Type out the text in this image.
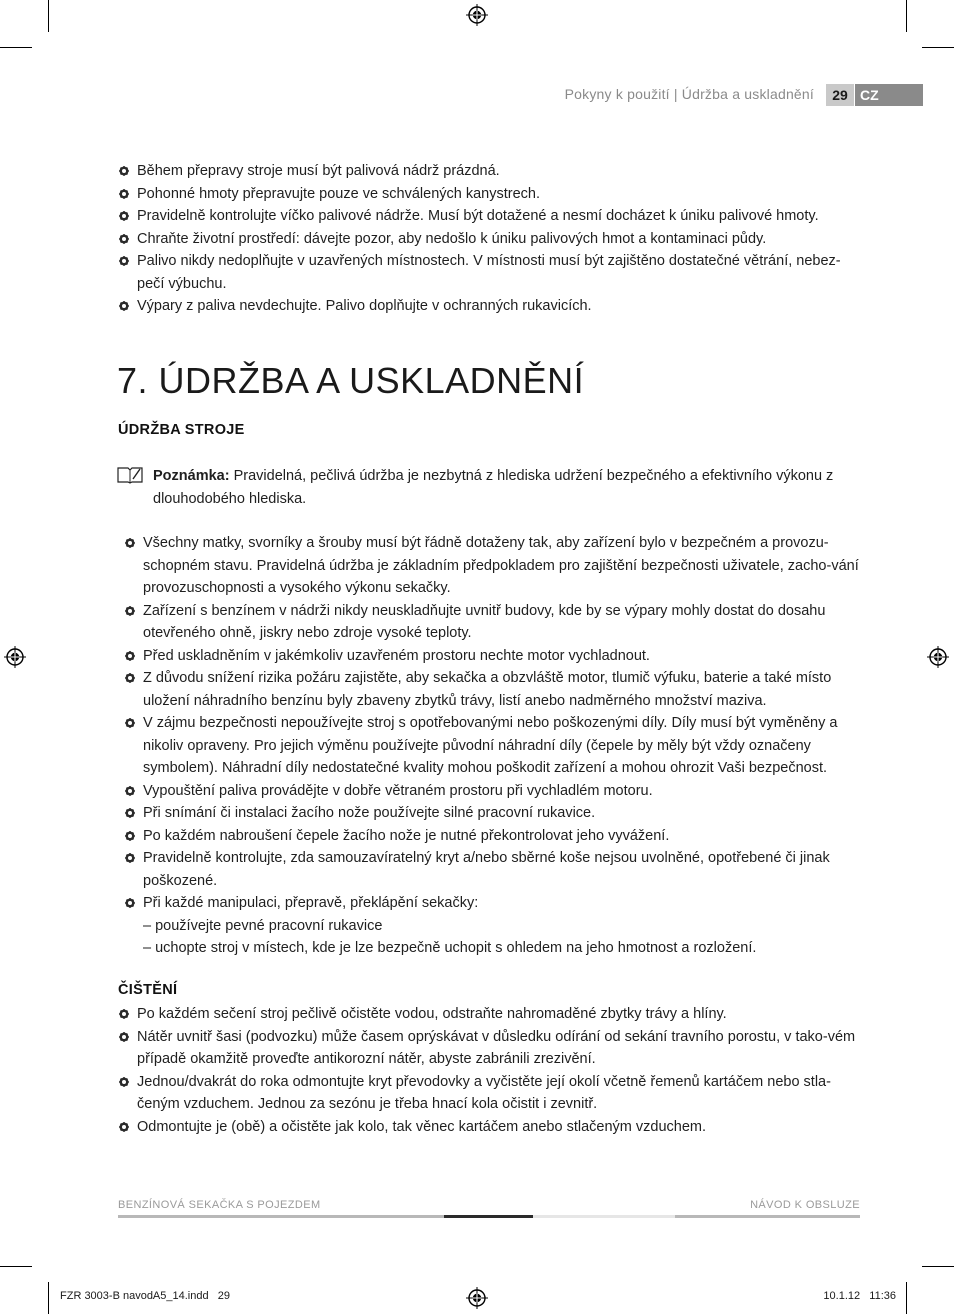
Pokyny k použití | Údržba a uskladnění	29 CZ
Během přepravy stroje musí být palivová nádrž prázdná.
Pohonné hmoty přepravujte pouze ve schválených kanystrech.
Pravidelně kontrolujte víčko palivové nádrže. Musí být dotažené a nesmí docházet k úniku palivové hmoty.
Chraňte životní prostředí: dávejte pozor, aby nedošlo k úniku palivových hmot a kontaminaci půdy.
Palivo nikdy nedoplňujte v uzavřených místnostech. V místnosti musí být zajištěno dostatečné větrání, nebez-pečí výbuchu.
Výpary z paliva nevdechujte. Palivo doplňujte v ochranných rukavicích.
7. ÚDRŽBA A USKLADNĚNÍ
ÚDRŽBA STROJE
Poznámka: Pravidelná, pečlivá údržba je nezbytná z hlediska udržení bezpečného a efektivního výkonu z dlouhodobého hlediska.
Všechny matky, svorníky a šrouby musí být řádně dotaženy tak, aby zařízení bylo v bezpečném a provozu-schopném stavu. Pravidelná údržba je základním předpokladem pro zajištění bezpečnosti uživatele, zacho-vání provozuschopnosti a vysokého výkonu sekačky.
Zařízení s benzínem v nádrži nikdy neuskladňujte uvnitř budovy, kde by se výpary mohly dostat do dosahu otevřeného ohně, jiskry nebo zdroje vysoké teploty.
Před uskladněním v jakémkoliv uzavřeném prostoru nechte motor vychladnout.
Z důvodu snížení rizika požáru zajistěte, aby sekačka a obzvláště motor, tlumič výfuku, baterie a také místo uložení náhradního benzínu byly zbaveny zbytků trávy, listí anebo nadměrného množství maziva.
V zájmu bezpečnosti nepoužívejte stroj s opotřebovanými nebo poškozenými díly. Díly musí být vyměněny a nikoliv opraveny. Pro jejich výměnu používejte původní náhradní díly (čepele by měly být vždy označeny symbolem). Náhradní díly nedostatečné kvality mohou poškodit zařízení a mohou ohrozit Vaši bezpečnost.
Vypouštění paliva provádějte v dobře větraném prostoru při vychladlém motoru.
Při snímání či instalaci žacího nože používejte silné pracovní rukavice.
Po každém nabroušení čepele žacího nože je nutné překontrolovat jeho vyvážení.
Pravidelně kontrolujte, zda samouzavíratelný kryt a/nebo sběrné koše nejsou uvolněné, opotřebené či jinak poškozené.
Při každé manipulaci, přepravě, překlápění sekačky:
– používejte pevné pracovní rukavice
– uchopte stroj v místech, kde je lze bezpečně uchopit s ohledem na jeho hmotnost a rozložení.
ČIŠTĚNÍ
Po každém sečení stroj pečlivě očistěte vodou, odstraňte nahromaděné zbytky trávy a hlíny.
Nátěr uvnitř šasi (podvozku) může časem oprýskávat v důsledku odírání od sekání travního porostu, v tako-vém případě okamžitě proveďte antikorozní nátěr, abyste zabránili zrezivění.
Jednou/dvakrát do roka odmontujte kryt převodovky a vyčistěte její okolí včetně řemenů kartáčem nebo stla-čeným vzduchem. Jednou za sezónu je třeba hnací kola očistit i zevnitř.
Odmontujte je (obě) a očistěte jak kolo, tak věnec kartáčem anebo stlačeným vzduchem.
BENZÍNOVÁ SEKAČKA S POJEZDEM	NÁVOD K OBSLUZE
FZR 3003-B navodA5_14.indd   29	10.1.12   11:36
